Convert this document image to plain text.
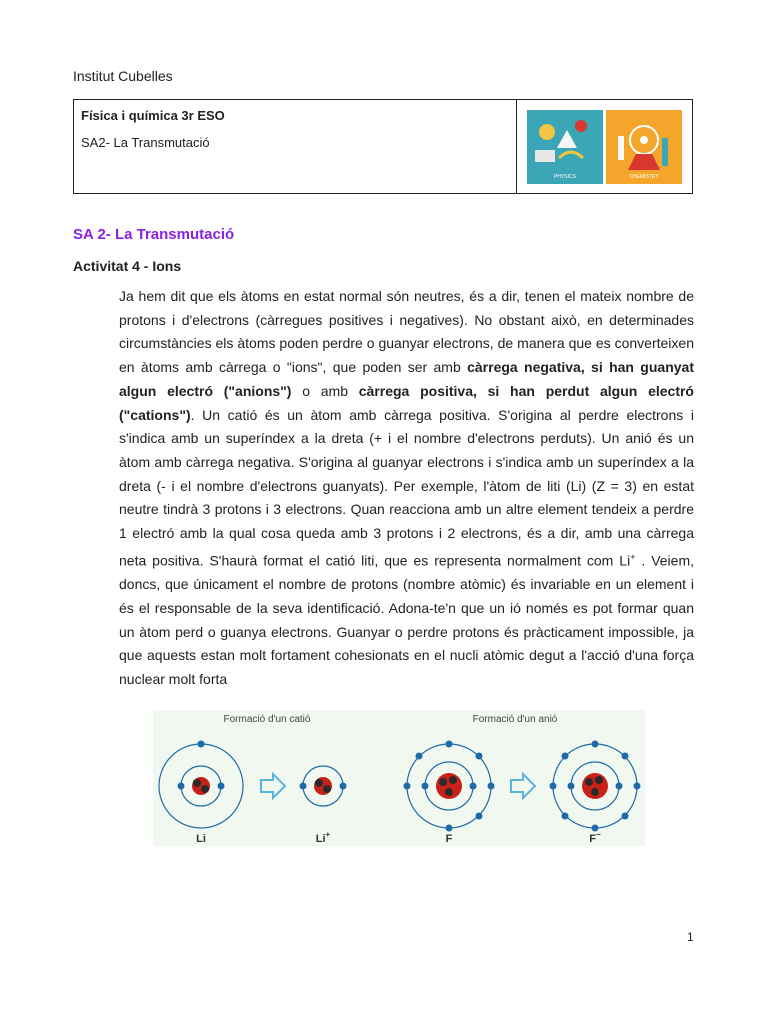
Institut Cubelles
Física i química 3r ESO
SA2- La Transmutació
PHYSICS	CHEMISTRY
SA 2- La Transmutació
Activitat 4 - Ions
Ja hem dit que els àtoms en estat normal són neutres, és a dir, tenen el mateix nombre de protons i d'electrons (càrregues positives i negatives). No obstant això, en determinades circumstàncies els àtoms poden perdre o guanyar electrons, de manera que es converteixen en àtoms amb càrrega o "ions", que poden ser amb càrrega negativa, si han guanyat algun electró ("anions") o amb càrrega positiva, si han perdut algun electró ("cations"). Un catió és un àtom amb càrrega positiva. S'origina al perdre electrons i s'indica amb un superíndex a la dreta (+ i el nombre d'electrons perduts). Un anió és un àtom amb càrrega negativa. S'origina al guanyar electrons i s'indica amb un superíndex a la dreta (- i el nombre d'electrons guanyats). Per exemple, l'àtom de liti (Li) (Z = 3) en estat neutre tindrà 3 protons i 3 electrons. Quan reacciona amb un altre element tendeix a perdre 1 electró amb la qual cosa queda amb 3 protons i 2 electrons, és a dir, amb una càrrega neta positiva. S'haurà format el catió liti, que es representa normalment com Li+ . Veiem, doncs, que únicament el nombre de protons (nombre atòmic) és invariable en un element i és el responsable de la seva identificació. Adona-te'n que un ió només es pot formar quan un àtom perd o guanya electrons. Guanyar o perdre protons és pràcticament impossible, ja que aquests estan molt fortament cohesionats en el nucli atòmic degut a l'acció d'una força nuclear molt forta
Formació d'un catió	Formació d'un anió
Li	Li+	F	F−
1
